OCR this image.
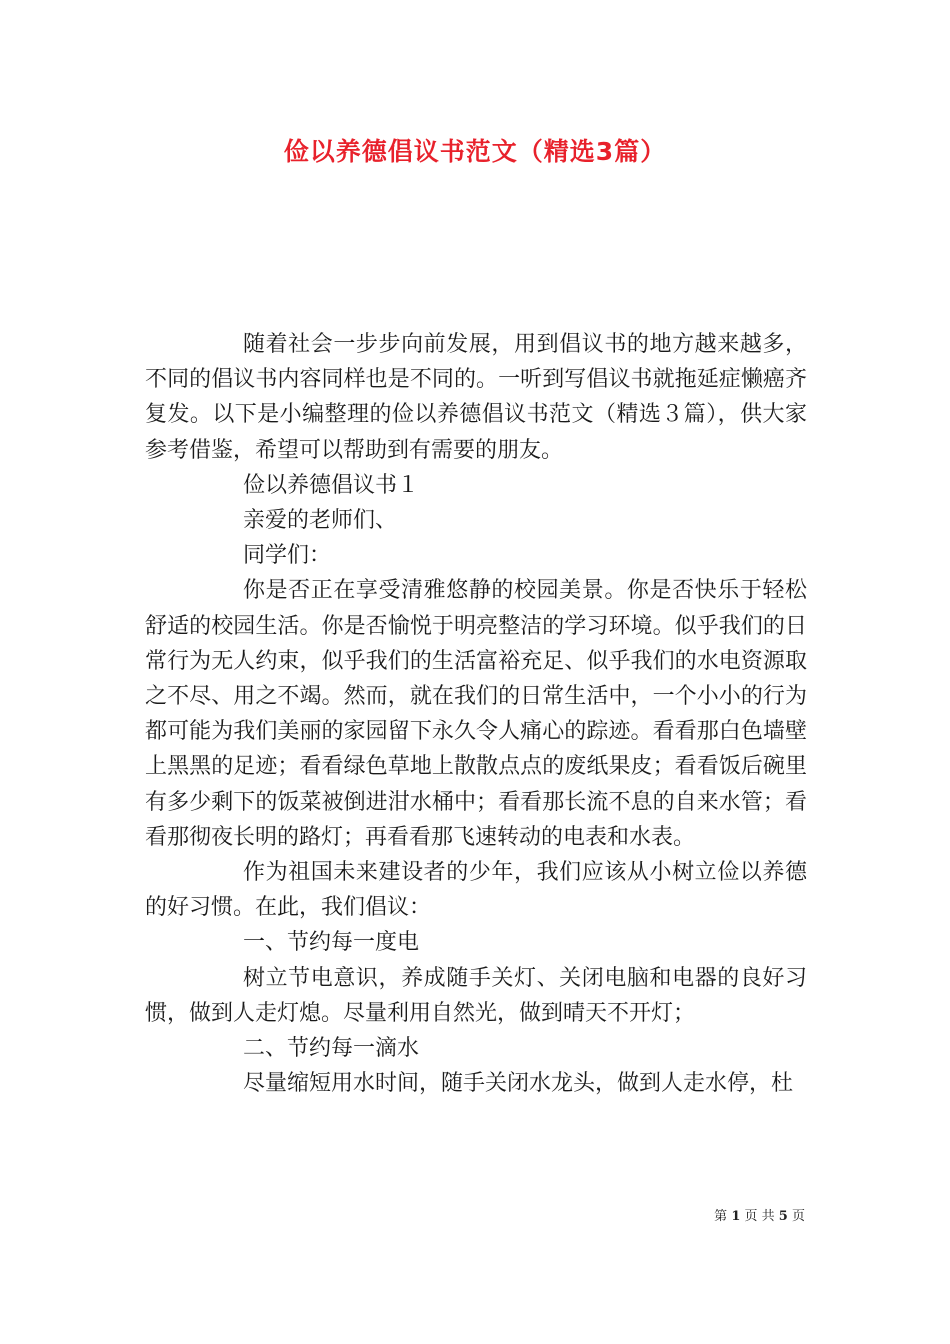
俭以养德倡议书范文（精选3篇）

随着社会一步步向前发展，用到倡议书的地方越来越多，不同的倡议书内容同样也是不同的。一听到写倡议书就拖延症懒癌齐复发。以下是小编整理的俭以养德倡议书范文（精选３篇），供大家参考借鉴，希望可以帮助到有需要的朋友。

俭以养德倡议书１

亲爱的老师们、

同学们：

你是否正在享受清雅悠静的校园美景。你是否快乐于轻松舒适的校园生活。你是否愉悦于明亮整洁的学习环境。似乎我们的日常行为无人约束，似乎我们的生活富裕充足、似乎我们的水电资源取之不尽、用之不竭。然而，就在我们的日常生活中，一个小小的行为都可能为我们美丽的家园留下永久令人痛心的踪迹。看看那白色墙壁上黑黑的足迹；看看绿色草地上散散点点的废纸果皮；看看饭后碗里有多少剩下的饭菜被倒进泔水桶中；看看那长流不息的自来水管；看看那彻夜长明的路灯；再看看那飞速转动的电表和水表。

作为祖国未来建设者的少年，我们应该从小树立俭以养德的好习惯。在此，我们倡议：

一、节约每一度电

树立节电意识，养成随手关灯、关闭电脑和电器的良好习惯，做到人走灯熄。尽量利用自然光，做到晴天不开灯；

二、节约每一滴水

尽量缩短用水时间，随手关闭水龙头，做到人走水停，杜

第 1 页 共 5 页
